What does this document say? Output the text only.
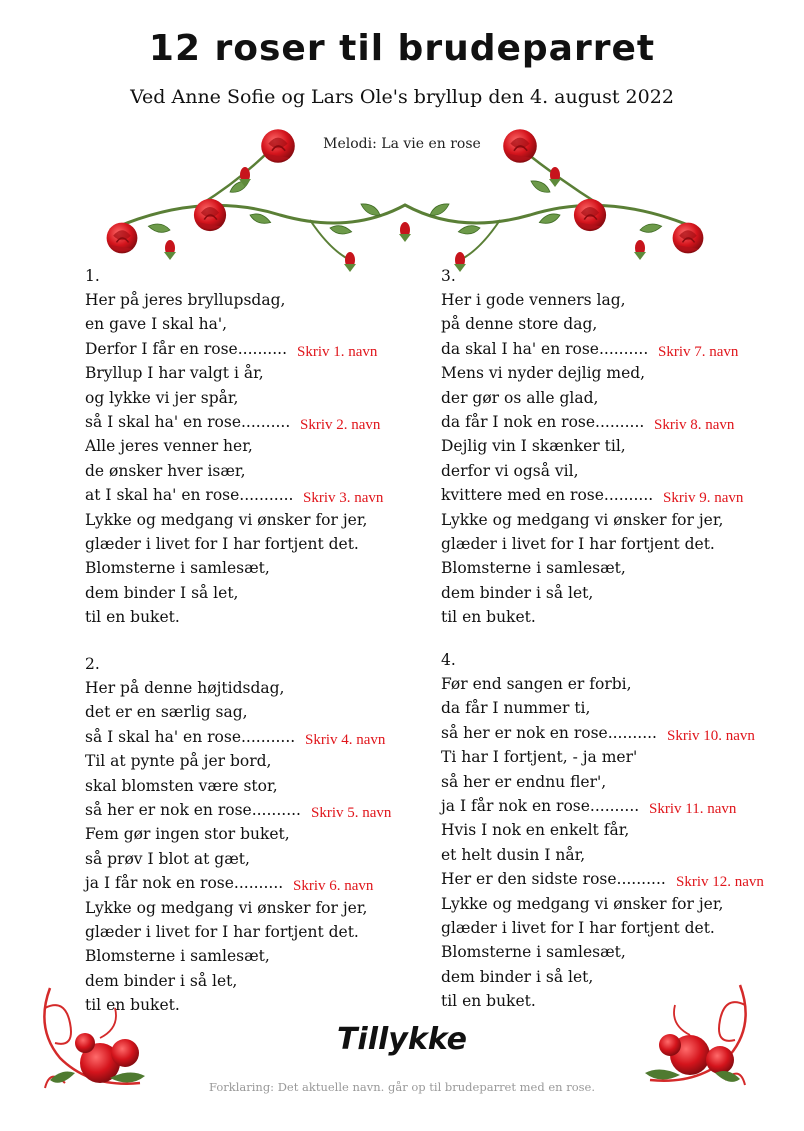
12 roser til brudeparret
Ved Anne Sofie og Lars Ole's bryllup den 4. august 2022
Melodi: La vie en rose
1.
Her på jeres bryllupsdag,
en gave I skal ha',
Derfor I får en rose.......... Skriv 1. navn
Bryllup I har valgt i år,
og lykke vi jer spår,
så I skal ha' en rose.......... Skriv 2. navn
Alle jeres venner her,
de ønsker hver især,
at I skal ha' en rose........... Skriv 3. navn
Lykke og medgang vi ønsker for jer,
glæder i livet for I har fortjent det.
Blomsterne i samlesæt,
dem binder I så let,
til en buket.
3.
Her i gode venners lag,
på denne store dag,
da skal I ha' en rose.......... Skriv 7. navn
Mens vi nyder dejlig med,
der gør os alle glad,
da får I nok en rose.......... Skriv 8. navn
Dejlig vin I skænker til,
derfor vi også vil,
kvittere med en rose.......... Skriv 9. navn
Lykke og medgang vi ønsker for jer,
glæder i livet for I har fortjent det.
Blomsterne i samlesæt,
dem binder i så let,
til en buket.
2.
Her på denne højtidsdag,
det er en særlig sag,
så I skal ha' en rose........... Skriv 4. navn
Til at pynte på jer bord,
skal blomsten være stor,
så her er nok en rose.......... Skriv 5. navn
Fem gør ingen stor buket,
så prøv I blot at gæt,
ja I får nok en rose.......... Skriv 6. navn
Lykke og medgang vi ønsker for jer,
glæder i livet for I har fortjent det.
Blomsterne i samlesæt,
dem binder i så let,
til en buket.
4.
Før end sangen er forbi,
da får I nummer ti,
så her er nok en rose.......... Skriv 10. navn
Ti har I fortjent, - ja mer'
så her er endnu fler',
ja I får nok en rose.......... Skriv 11. navn
Hvis I nok en enkelt får,
et helt dusin I når,
Her er den sidste rose.......... Skriv 12. navn
Lykke og medgang vi ønsker for jer,
glæder i livet for I har fortjent det.
Blomsterne i samlesæt,
dem binder i så let,
til en buket.
Tillykke
Forklaring: Det aktuelle navn. går op til brudeparret med en rose.
